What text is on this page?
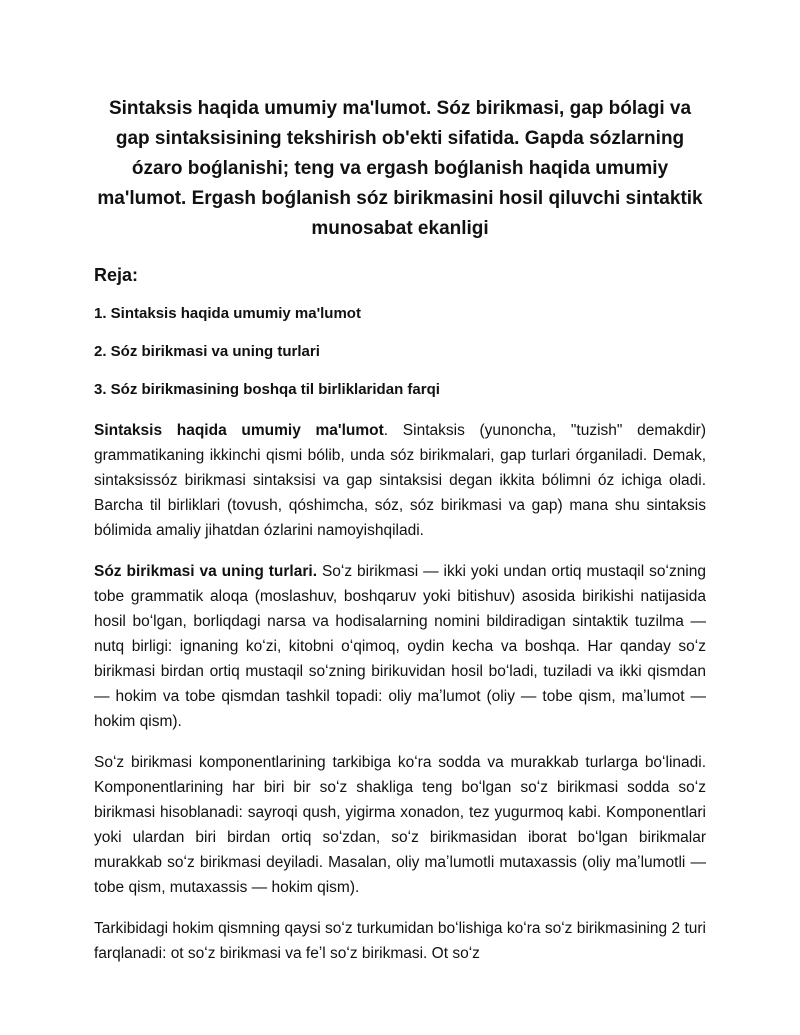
Sintaksis haqida umumiy ma'lumot. Sóz birikmasi, gap bólagi va gap sintaksisining tekshirish ob'ekti sifatida. Gapda sózlarning ózaro boǵlanishi; teng va ergash boǵlanish haqida umumiy ma'lumot. Ergash boǵlanish sóz birikmasini hosil qiluvchi sintaktik munosabat ekanligi
Reja:
1. Sintaksis haqida umumiy ma'lumot
2. Sóz birikmasi va uning turlari
3. Sóz birikmasining boshqa til birliklaridan farqi

Sintaksis haqida umumiy ma'lumot. Sintaksis (yunoncha, "tuzish" demakdir) grammatikaning ikkinchi qismi bólib, unda sóz birikmalari, gap turlari órganiladi. Demak, sintaksissóz birikmasi sintaksisi va gap sintaksisi degan ikkita bólimni óz ichiga oladi. Barcha til birliklari (tovush, qóshimcha, sóz, sóz birikmasi va gap) mana shu sintaksis bólimida amaliy jihatdan ózlarini namoyishqiladi.

Sóz birikmasi va uning turlari. Soʻz birikmasi — ikki yoki undan ortiq mustaqil soʻzning tobe grammatik aloqa (moslashuv, boshqaruv yoki bitishuv) asosida birikishi natijasida hosil boʻlgan, borliqdagi narsa va hodisalarning nomini bildiradigan sintaktik tuzilma — nutq birligi: ignaning koʻzi, kitobni oʻqimoq, oydin kecha va boshqa. Har qanday soʻz birikmasi birdan ortiq mustaqil soʻzning birikuvidan hosil boʻladi, tuziladi va ikki qismdan — hokim va tobe qismdan tashkil topadi: oliy maʼlumot (oliy — tobe qism, maʼlumot — hokim qism).

Soʻz birikmasi komponentlarining tarkibiga koʻra sodda va murakkab turlarga boʻlinadi. Komponentlarining har biri bir soʻz shakliga teng boʻlgan soʻz birikmasi sodda soʻz birikmasi hisoblanadi: sayroqi qush, yigirma xonadon, tez yugurmoq kabi. Komponentlari yoki ulardan biri birdan ortiq soʻzdan, soʻz birikmasidan iborat boʻlgan birikmalar murakkab soʻz birikmasi deyiladi. Masalan, oliy maʼlumotli mutaxassis (oliy maʼlumotli — tobe qism, mutaxassis — hokim qism).

Tarkibidagi hokim qismning qaysi soʻz turkumidan boʻlishiga koʻra soʻz birikmasining 2 turi farqlanadi: ot soʻz birikmasi va feʼl soʻz birikmasi. Ot soʻz
